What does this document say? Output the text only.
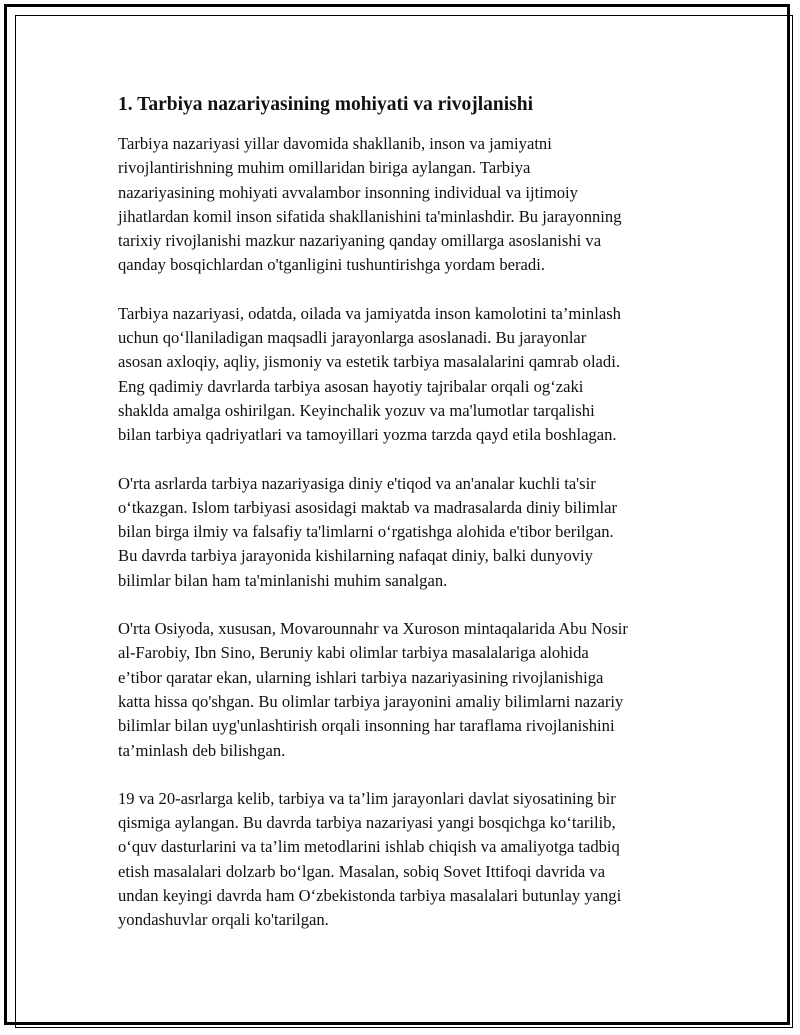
1. Tarbiya nazariyasining mohiyati va rivojlanishi

Tarbiya nazariyasi yillar davomida shakllanib, inson va jamiyatni
rivojlantirishning muhim omillaridan biriga aylangan. Tarbiya
nazariyasining mohiyati avvalambor insonning individual va ijtimoiy
jihatlardan komil inson sifatida shakllanishini ta'minlashdir. Bu jarayonning
tarixiy rivojlanishi mazkur nazariyaning qanday omillarga asoslanishi va
qanday bosqichlardan o'tganligini tushuntirishga yordam beradi.

Tarbiya nazariyasi, odatda, oilada va jamiyatda inson kamolotini ta’minlash
uchun qo‘llaniladigan maqsadli jarayonlarga asoslanadi. Bu jarayonlar
asosan axloqiy, aqliy, jismoniy va estetik tarbiya masalalarini qamrab oladi.
Eng qadimiy davrlarda tarbiya asosan hayotiy tajribalar orqali og‘zaki
shaklda amalga oshirilgan. Keyinchalik yozuv va ma'lumotlar tarqalishi
bilan tarbiya qadriyatlari va tamoyillari yozma tarzda qayd etila boshlagan.

O'rta asrlarda tarbiya nazariyasiga diniy e'tiqod va an'analar kuchli ta'sir
o‘tkazgan. Islom tarbiyasi asosidagi maktab va madrasalarda diniy bilimlar
bilan birga ilmiy va falsafiy ta'limlarni o‘rgatishga alohida e'tibor berilgan.
Bu davrda tarbiya jarayonida kishilarning nafaqat diniy, balki dunyoviy
bilimlar bilan ham ta'minlanishi muhim sanalgan.

O'rta Osiyoda, xususan, Movarounnahr va Xuroson mintaqalarida Abu Nosir
al-Farobiy, Ibn Sino, Beruniy kabi olimlar tarbiya masalalariga alohida
e’tibor qaratar ekan, ularning ishlari tarbiya nazariyasining rivojlanishiga
katta hissa qo'shgan. Bu olimlar tarbiya jarayonini amaliy bilimlarni nazariy
bilimlar bilan uyg'unlashtirish orqali insonning har taraflama rivojlanishini
ta’minlash deb bilishgan.

19 va 20-asrlarga kelib, tarbiya va ta’lim jarayonlari davlat siyosatining bir
qismiga aylangan. Bu davrda tarbiya nazariyasi yangi bosqichga ko‘tarilib,
o‘quv dasturlarini va ta’lim metodlarini ishlab chiqish va amaliyotga tadbiq
etish masalalari dolzarb bo‘lgan. Masalan, sobiq Sovet Ittifoqi davrida va
undan keyingi davrda ham O‘zbekistonda tarbiya masalalari butunlay yangi
yondashuvlar orqali ko'tarilgan.
